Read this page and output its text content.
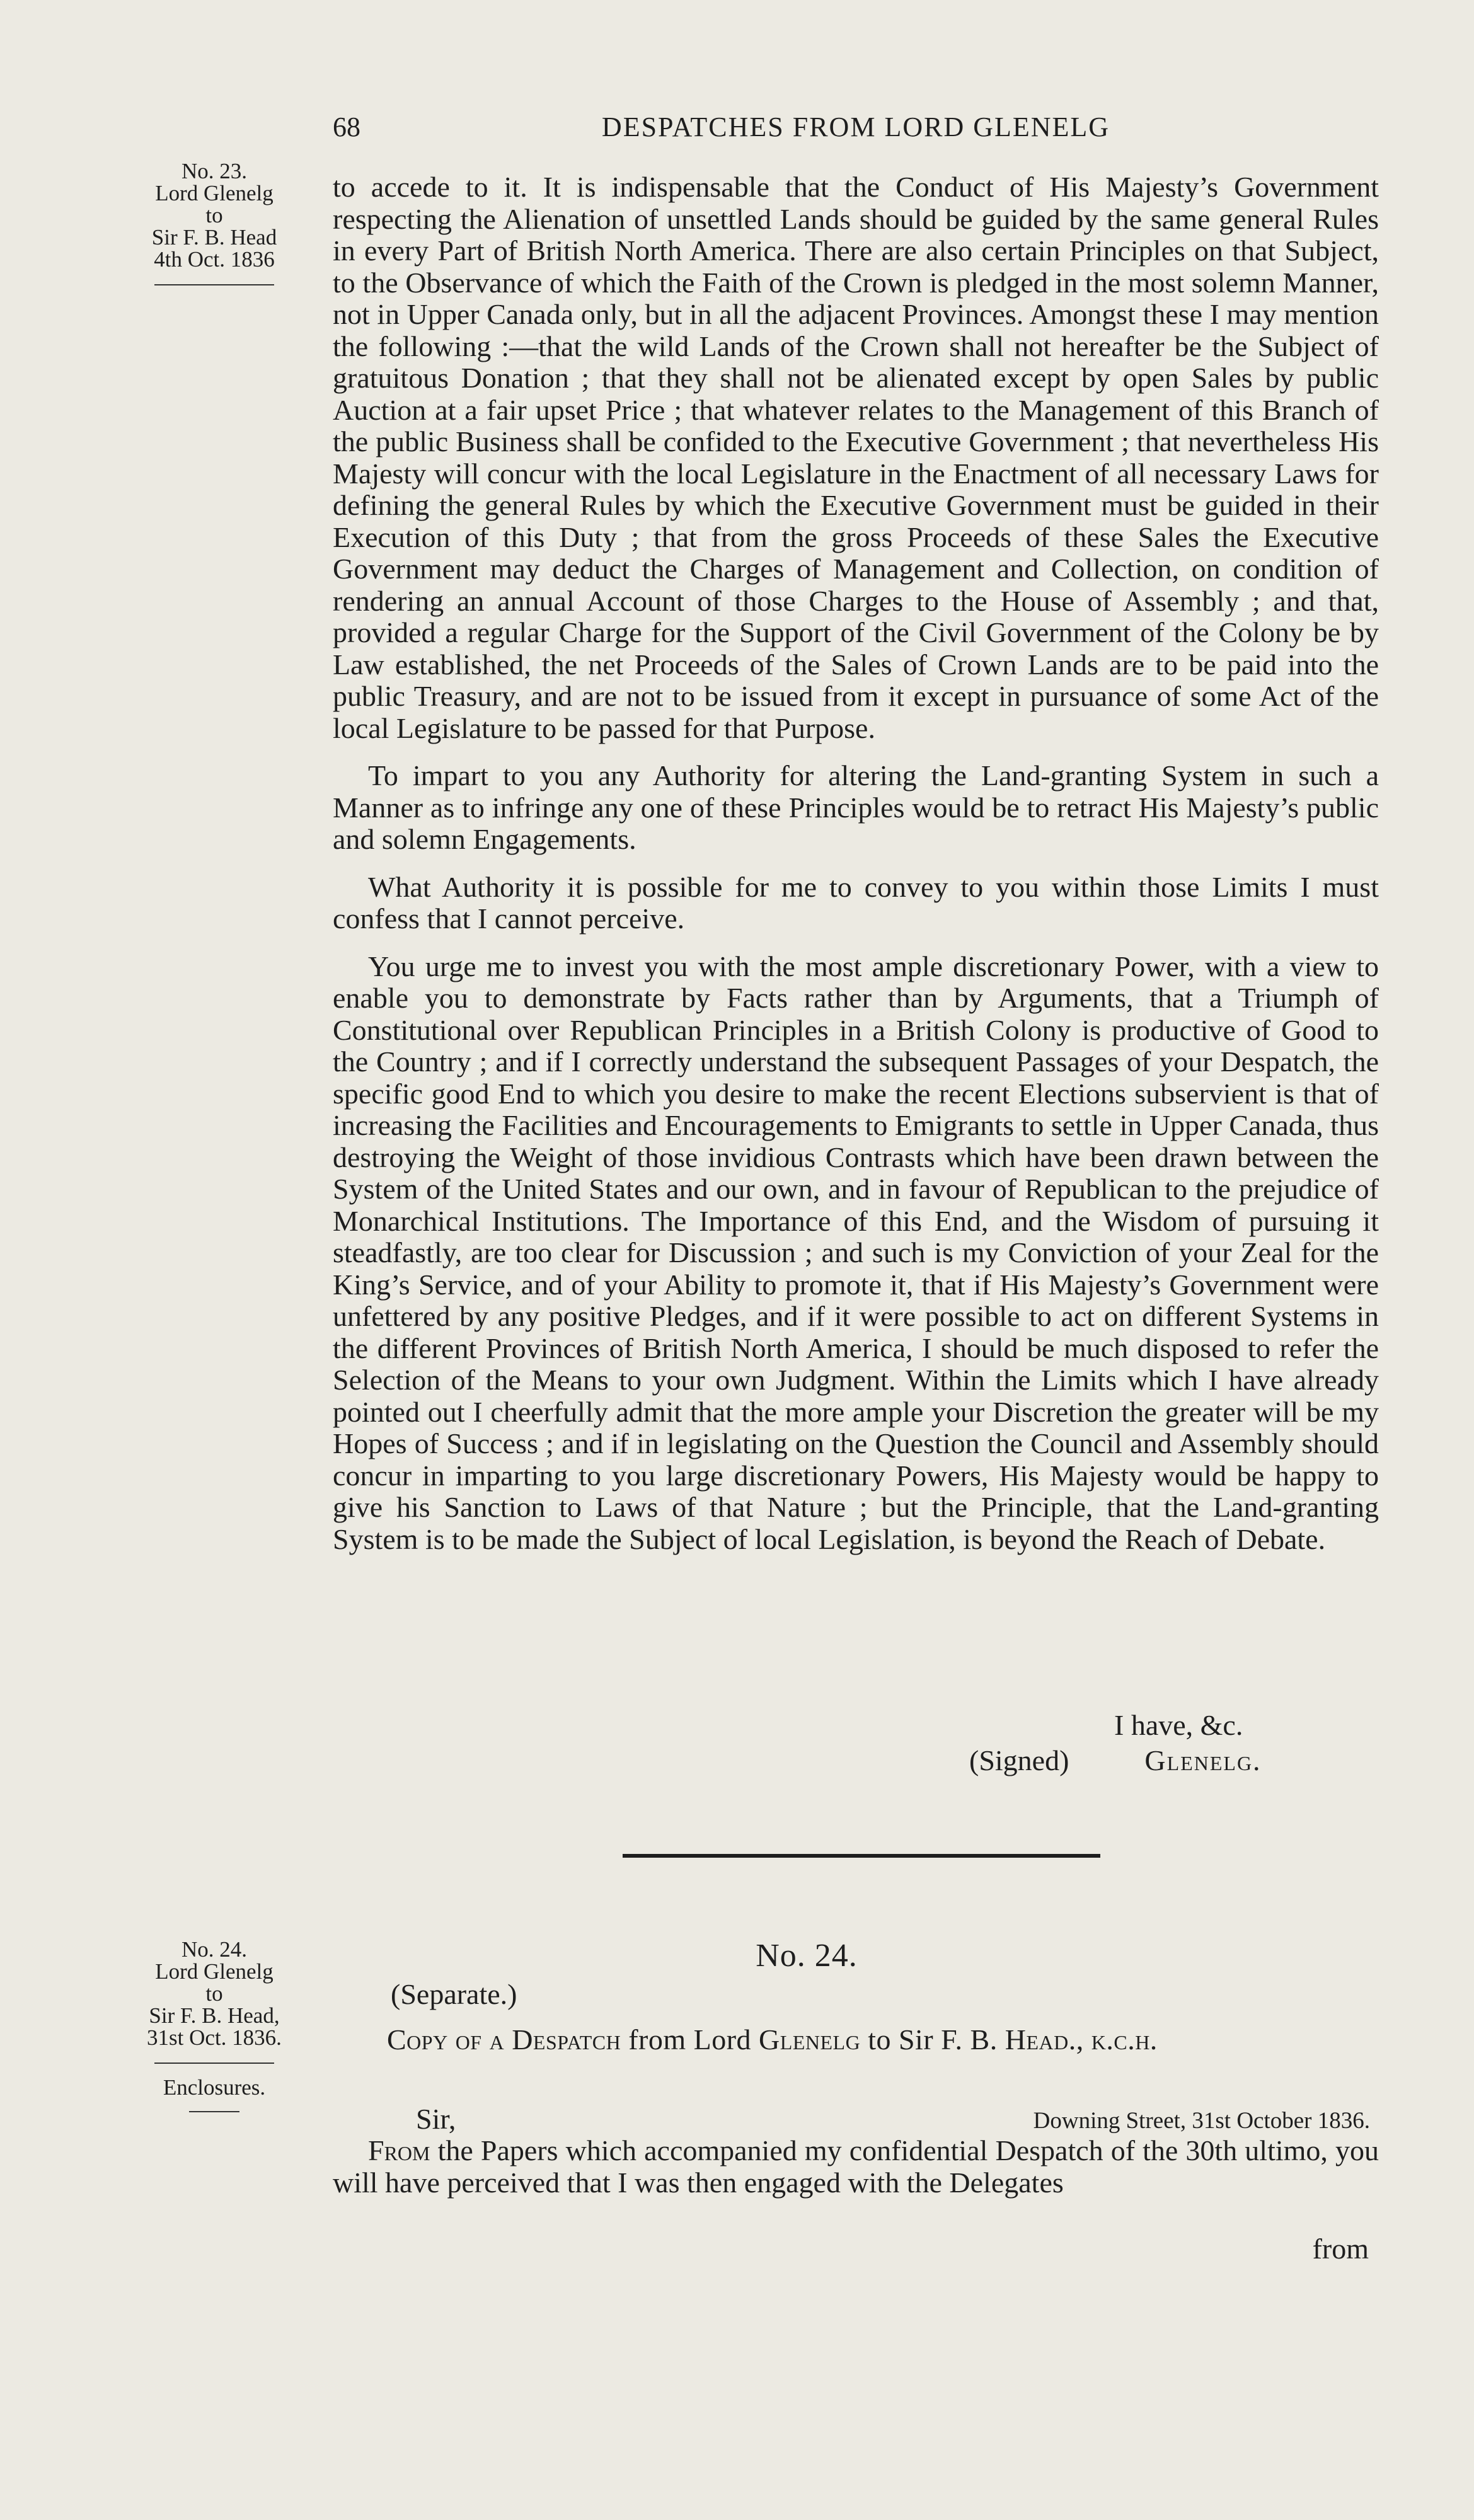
68	DESPATCHES FROM LORD GLENELG
No. 23.
Lord Glenelg
to
Sir F. B. Head
4th Oct. 1836

to accede to it. It is indispensable that the Conduct of His Majesty’s Government respecting the Alienation of unsettled Lands should be guided by the same general Rules in every Part of British North America. There are also certain Principles on that Subject, to the Observance of which the Faith of the Crown is pledged in the most solemn Manner, not in Upper Canada only, but in all the adjacent Provinces. Amongst these I may mention the following :—that the wild Lands of the Crown shall not hereafter be the Subject of gratuitous Donation ; that they shall not be alienated except by open Sales by public Auction at a fair upset Price ; that whatever relates to the Management of this Branch of the public Business shall be confided to the Executive Government ; that nevertheless His Majesty will concur with the local Legislature in the Enactment of all necessary Laws for defining the general Rules by which the Executive Government must be guided in their Execution of this Duty ; that from the gross Proceeds of these Sales the Executive Government may deduct the Charges of Management and Collection, on condition of rendering an annual Account of those Charges to the House of Assembly ; and that, provided a regular Charge for the Support of the Civil Government of the Colony be by Law established, the net Proceeds of the Sales of Crown Lands are to be paid into the public Treasury, and are not to be issued from it except in pursuance of some Act of the local Legislature to be passed for that Purpose.

To impart to you any Authority for altering the Land-granting System in such a Manner as to infringe any one of these Principles would be to retract His Majesty’s public and solemn Engagements.

What Authority it is possible for me to convey to you within those Limits I must confess that I cannot perceive.

You urge me to invest you with the most ample discretionary Power, with a view to enable you to demonstrate by Facts rather than by Arguments, that a Triumph of Constitutional over Republican Principles in a British Colony is productive of Good to the Country ; and if I correctly understand the subsequent Passages of your Despatch, the specific good End to which you desire to make the recent Elections subservient is that of increasing the Facilities and Encouragements to Emigrants to settle in Upper Canada, thus destroying the Weight of those invidious Contrasts which have been drawn between the System of the United States and our own, and in favour of Republican to the prejudice of Monarchical Institutions. The Importance of this End, and the Wisdom of pursuing it steadfastly, are too clear for Discussion ; and such is my Conviction of your Zeal for the King’s Service, and of your Ability to promote it, that if His Majesty’s Government were unfettered by any positive Pledges, and if it were possible to act on different Systems in the different Provinces of British North America, I should be much disposed to refer the Selection of the Means to your own Judgment. Within the Limits which I have already pointed out I cheerfully admit that the more ample your Discretion the greater will be my Hopes of Success ; and if in legislating on the Question the Council and Assembly should concur in imparting to you large discretionary Powers, His Majesty would be happy to give his Sanction to Laws of that Nature ; but the Principle, that the Land-granting System is to be made the Subject of local Legislation, is beyond the Reach of Debate.

I have, &c.
(Signed)	Glenelg.
No. 24.
Lord Glenelg
to
Sir F. B. Head,
31st Oct. 1836.
Enclosures.
No. 24.
(Separate.)
Copy of a Despatch from Lord Glenelg to Sir F. B. Head., k.c.h.
Sir,	Downing Street, 31st October 1836.
From the Papers which accompanied my confidential Despatch of the 30th ultimo, you will have perceived that I was then engaged with the Delegates
from
